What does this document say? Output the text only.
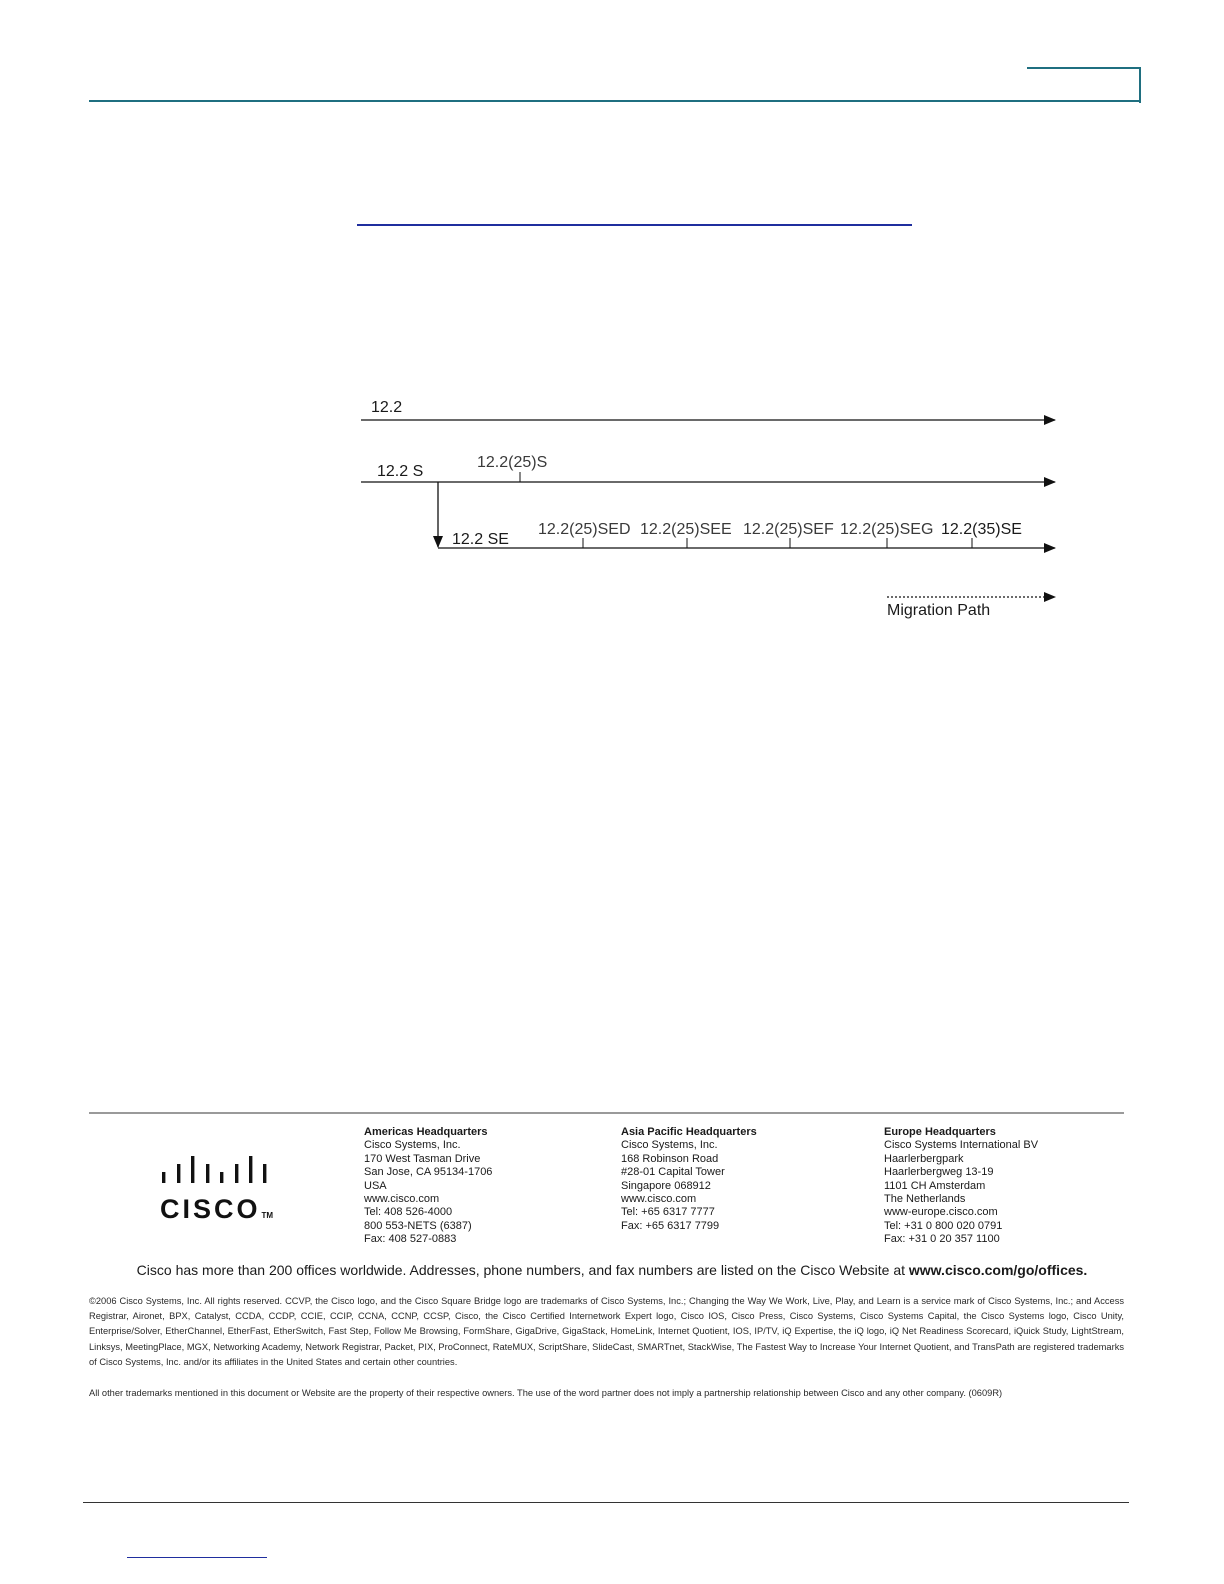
12.2
12.2 S
12.2(25)S
12.2 SE
12.2(25)SED 12.2(25)SEE 12.2(25)SEF 12.2(25)SEG 12.2(35)SE
Migration Path
CISCOTM
Americas Headquarters
Cisco Systems, Inc.
170 West Tasman Drive
San Jose, CA 95134-1706
USA
www.cisco.com
Tel: 408 526-4000
800 553-NETS (6387)
Fax: 408 527-0883
Asia Pacific Headquarters
Cisco Systems, Inc.
168 Robinson Road
#28-01 Capital Tower
Singapore 068912
www.cisco.com
Tel: +65 6317 7777
Fax: +65 6317 7799
Europe Headquarters
Cisco Systems International BV
Haarlerbergpark
Haarlerbergweg 13-19
1101 CH Amsterdam
The Netherlands
www-europe.cisco.com
Tel: +31 0 800 020 0791
Fax: +31 0 20 357 1100
Cisco has more than 200 offices worldwide. Addresses, phone numbers, and fax numbers are listed on the Cisco Website at www.cisco.com/go/offices.
©2006 Cisco Systems, Inc. All rights reserved. CCVP, the Cisco logo, and the Cisco Square Bridge logo are trademarks of Cisco Systems, Inc.; Changing the Way We Work, Live, Play, and Learn is a service mark of Cisco Systems, Inc.; and Access Registrar, Aironet, BPX, Catalyst, CCDA, CCDP, CCIE, CCIP, CCNA, CCNP, CCSP, Cisco, the Cisco Certified Internetwork Expert logo, Cisco IOS, Cisco Press, Cisco Systems, Cisco Systems Capital, the Cisco Systems logo, Cisco Unity, Enterprise/Solver, EtherChannel, EtherFast, EtherSwitch, Fast Step, Follow Me Browsing, FormShare, GigaDrive, GigaStack, HomeLink, Internet Quotient, IOS, IP/TV, iQ Expertise, the iQ logo, iQ Net Readiness Scorecard, iQuick Study, LightStream, Linksys, MeetingPlace, MGX, Networking Academy, Network Registrar, Packet, PIX, ProConnect, RateMUX, ScriptShare, SlideCast, SMARTnet, StackWise, The Fastest Way to Increase Your Internet Quotient, and TransPath are registered trademarks of Cisco Systems, Inc. and/or its affiliates in the United States and certain other countries.
All other trademarks mentioned in this document or Website are the property of their respective owners. The use of the word partner does not imply a partnership relationship between Cisco and any other company. (0609R)
